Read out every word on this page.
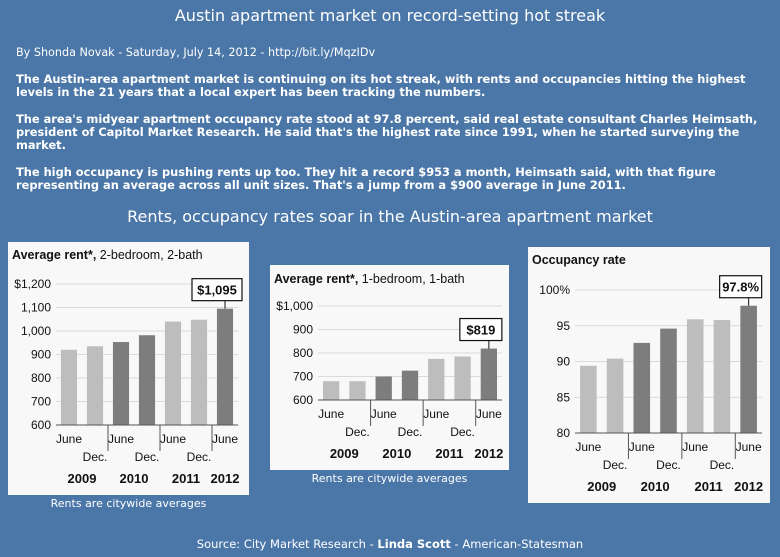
Austin apartment market on record-setting hot streak
By Shonda Novak - Saturday, July 14, 2012 - http://bit.ly/MqzIDv
The Austin-area apartment market is continuing on its hot streak, with rents and occupancies hitting the highest levels in the 21 years that a local expert has been tracking the numbers.
The area's midyear apartment occupancy rate stood at 97.8 percent, said real estate consultant Charles Heimsath, president of Capitol Market Research. He said that's the highest rate since 1991, when he started surveying the market.
The high occupancy is pushing rents up too. They hit a record $953 a month, Heimsath said, with that figure representing an average across all unit sizes. That's a jump from a $900 average in June 2011.
Rents, occupancy rates soar in the Austin-area apartment market
Average rent*, 2-bedroom, 2-bath
600
700
800
900
1,000
1,100
$1,200
June
Dec.
June
Dec.
June
Dec.
June
2009 2010 2011 2012
$1,095
Rents are citywide averages
Average rent*, 1-bedroom, 1-bath
600
700
800
900
$1,000
June
Dec.
June
Dec.
June
Dec.
June
2009 2010 2011 2012
$819
Rents are citywide averages
Occupancy rate
80
85
90
95
100%
June
Dec.
June
Dec.
June
Dec.
June
2009 2010 2011 2012
97.8%
Source: City Market Research - Linda Scott - American-Statesman
